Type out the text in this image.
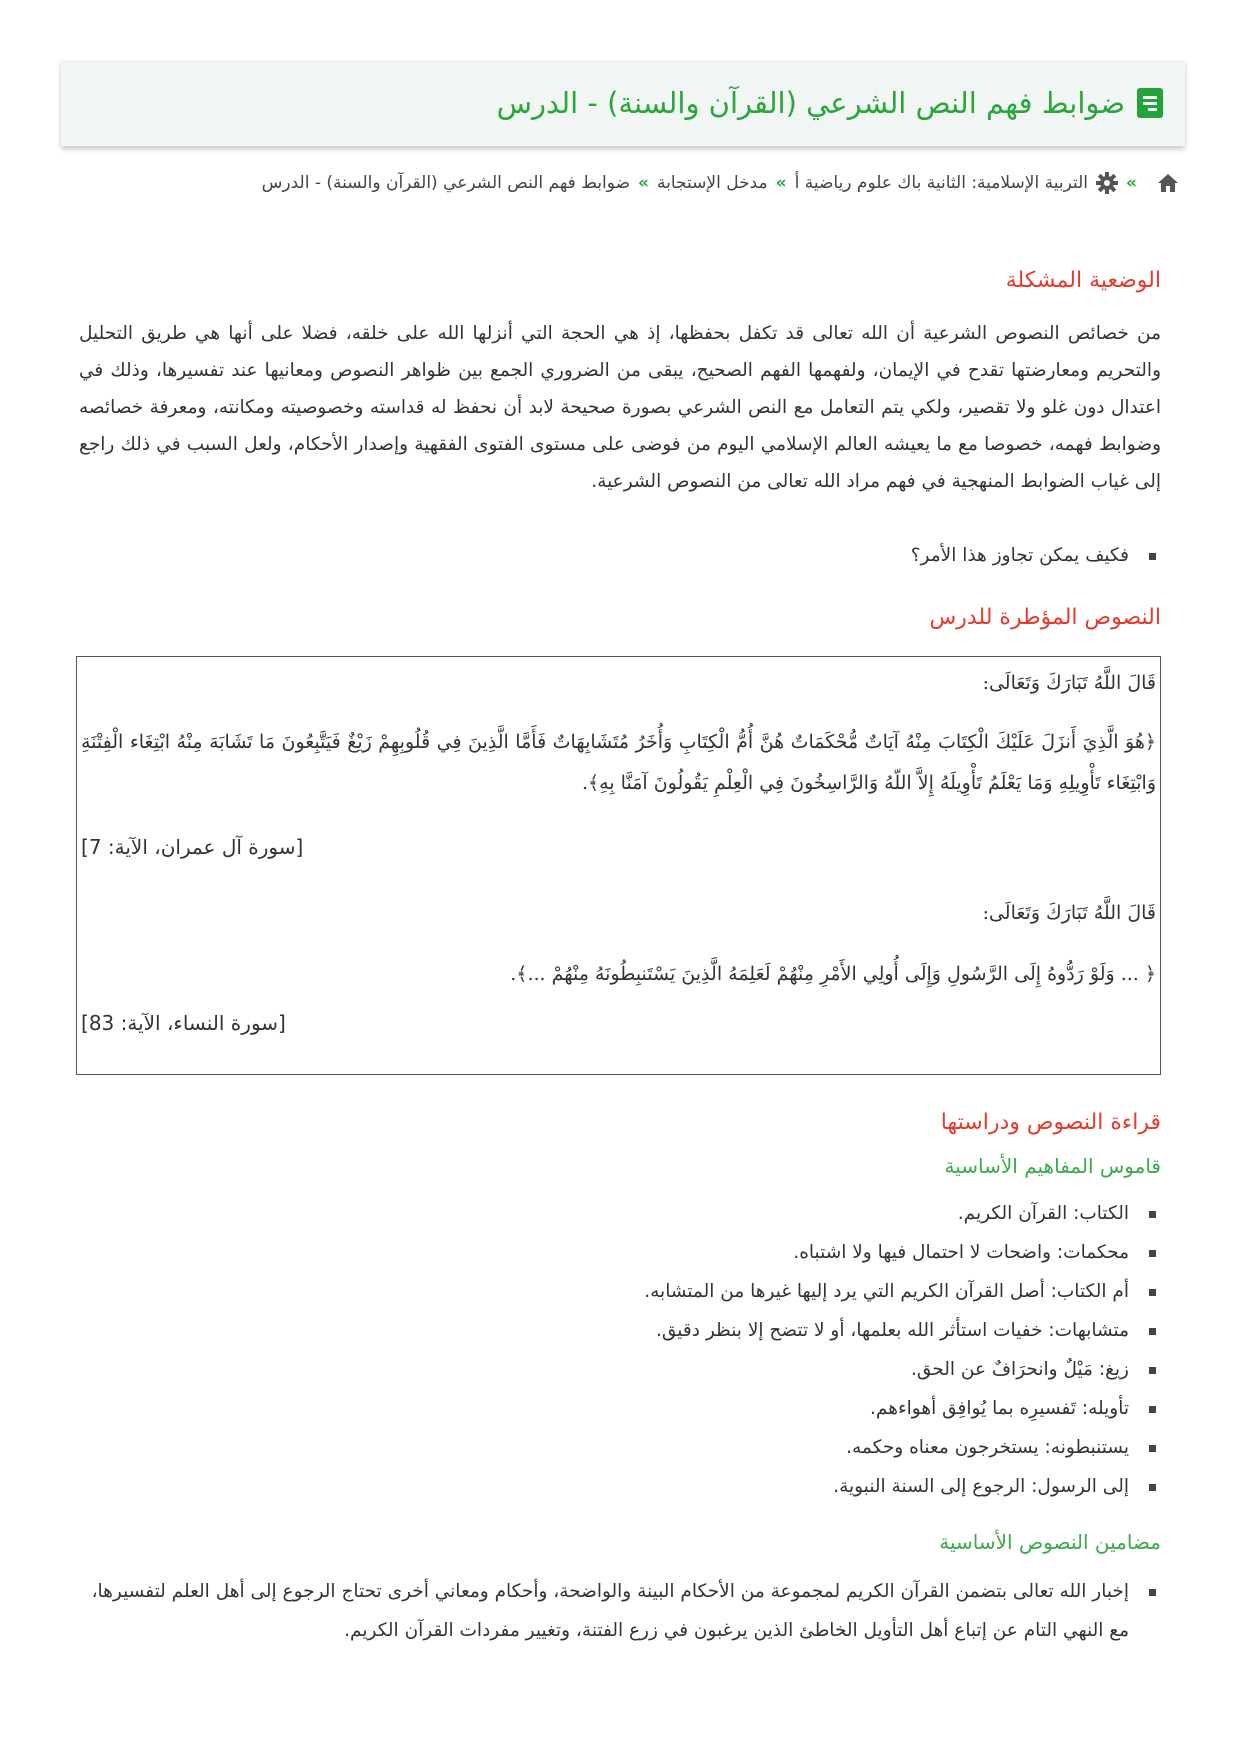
ضوابط فهم النص الشرعي (القرآن والسنة) - الدرس
»
التربية الإسلامية: الثانية باك علوم رياضية أ
»
مدخل الإستجابة
»
ضوابط فهم النص الشرعي (القرآن والسنة) - الدرس
الوضعية المشكلة

من خصائص النصوص الشرعية أن الله تعالى قد تكفل بحفظها، إذ هي الحجة التي أنزلها الله على خلقه، فضلا على أنها هي طريق التحليل والتحريم ومعارضتها تقدح في الإيمان، ولفهمها الفهم الصحيح، يبقى من الضروري الجمع بين ظواهر النصوص ومعانيها عند تفسيرها، وذلك في اعتدال دون غلو ولا تقصير، ولكي يتم التعامل مع النص الشرعي بصورة صحيحة لابد أن نحفظ له قداسته وخصوصيته ومكانته، ومعرفة خصائصه وضوابط فهمه، خصوصا مع ما يعيشه العالم الإسلامي اليوم من فوضى على مستوى الفتوى الفقهية وإصدار الأحكام، ولعل السبب في ذلك راجع إلى غياب الضوابط المنهجية في فهم مراد الله تعالى من النصوص الشرعية.

فكيف يمكن تجاوز هذا الأمر؟
النصوص المؤطرة للدرس
قَالَ اللَّهُ تَبَارَكَ وَتَعَالَى:
﴿هُوَ الَّذِيَ أَنزَلَ عَلَيْكَ الْكِتَابَ مِنْهُ آيَاتٌ مُّحْكَمَاتٌ هُنَّ أُمُّ الْكِتَابِ وَأُخَرُ مُتَشَابِهَاتٌ فَأَمَّا الَّذِينَ فِي قُلُوبِهِمْ زَيْغٌ فَيَتَّبِعُونَ مَا تَشَابَهَ مِنْهُ ابْتِغَاء الْفِتْنَةِ وَابْتِغَاء تَأْوِيلِهِ وَمَا يَعْلَمُ تَأْوِيلَهُ إِلاَّ اللّهُ وَالرَّاسِخُونَ فِي الْعِلْمِ يَقُولُونَ آمَنَّا بِهِ﴾.
[سورة آل عمران، الآية: 7]
قَالَ اللَّهُ تَبَارَكَ وَتَعَالَى:
﴿ ... وَلَوْ رَدُّوهُ إِلَى الرَّسُولِ وَإِلَى أُولِي الأَمْرِ مِنْهُمْ لَعَلِمَهُ الَّذِينَ يَسْتَنبِطُونَهُ مِنْهُمْ ...﴾.
[سورة النساء، الآية: 83]
قراءة النصوص ودراستها
قاموس المفاهيم الأساسية
الكتاب: القرآن الكريم.
محكمات: واضحات لا احتمال فيها ولا اشتباه.
أم الكتاب: أصل القرآن الكريم التي يرد إليها غيرها من المتشابه.
متشابهات: خفيات استأثر الله بعلمها، أو لا تتضح إلا بنظر دقيق.
زيغ: مَيْلٌ وانحرَافٌ عن الحق.
تأويله: تَفسيرِه بما يُوافِق أهواءهم.
يستنبطونه: يستخرجون معناه وحكمه.
إلى الرسول: الرجوع إلى السنة النبوية.
مضامين النصوص الأساسية
إخبار الله تعالى بتضمن القرآن الكريم لمجموعة من الأحكام البينة والواضحة، وأحكام ومعاني أخرى تحتاج الرجوع إلى أهل العلم لتفسيرها، مع النهي التام عن إتباع أهل التأويل الخاطئ الذين يرغبون في زرع الفتنة، وتغيير مفردات القرآن الكريم.
